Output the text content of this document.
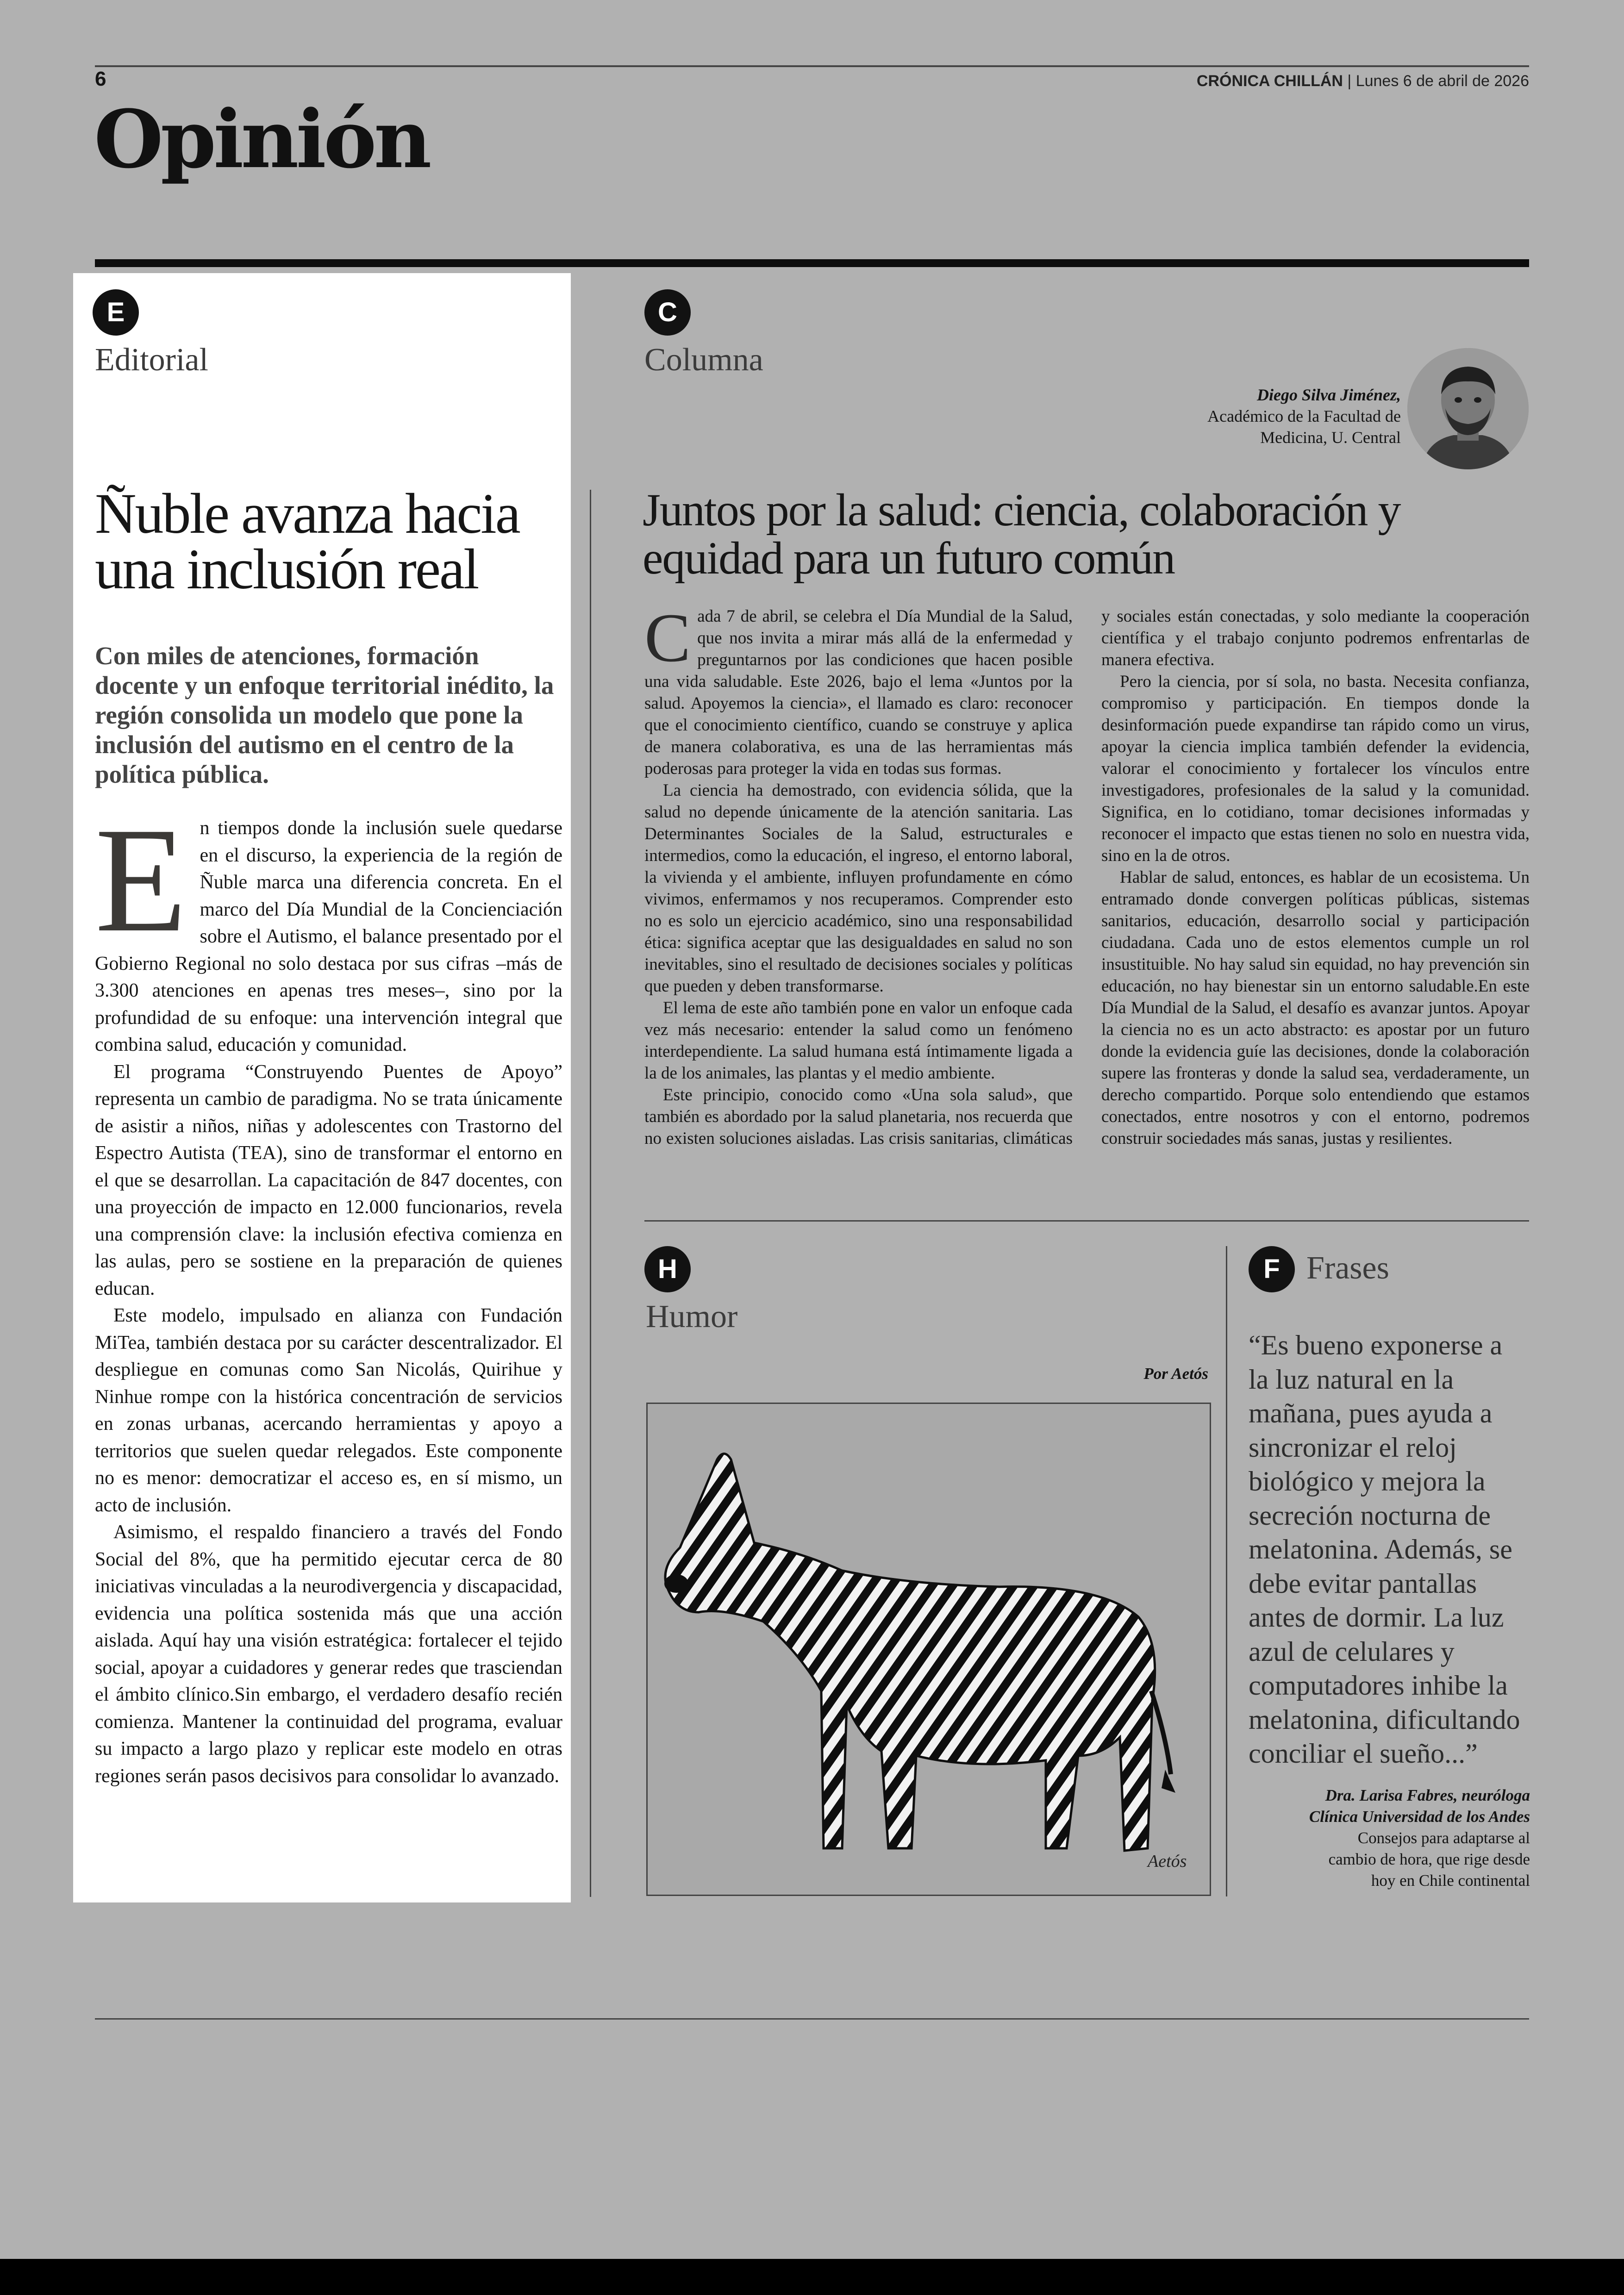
6	CRÓNICA CHILLÁN | Lunes 6 de abril de 2026
Opinión
E
Editorial
Ñuble avanza hacia una inclusión real
Con miles de atenciones, formación docente y un enfoque territorial inédito, la región consolida un modelo que pone la inclusión del autismo en el centro de la política pública.

En tiempos donde la inclusión suele quedarse en el discurso, la experiencia de la región de Ñuble marca una diferencia concreta. En el marco del Día Mundial de la Concienciación sobre el Autismo, el balance presentado por el Gobierno Regional no solo destaca por sus cifras –más de 3.300 atenciones en apenas tres meses–, sino por la profundidad de su enfoque: una intervención integral que combina salud, educación y comunidad.

El programa “Construyendo Puentes de Apoyo” representa un cambio de paradigma. No se trata únicamente de asistir a niños, niñas y adolescentes con Trastorno del Espectro Autista (TEA), sino de transformar el entorno en el que se desarrollan. La capacitación de 847 docentes, con una proyección de impacto en 12.000 funcionarios, revela una comprensión clave: la inclusión efectiva comienza en las aulas, pero se sostiene en la preparación de quienes educan.

Este modelo, impulsado en alianza con Fundación MiTea, también destaca por su carácter descentralizador. El despliegue en comunas como San Nicolás, Quirihue y Ninhue rompe con la histórica concentración de servicios en zonas urbanas, acercando herramientas y apoyo a territorios que suelen quedar relegados. Este componente no es menor: democratizar el acceso es, en sí mismo, un acto de inclusión.

Asimismo, el respaldo financiero a través del Fondo Social del 8%, que ha permitido ejecutar cerca de 80 iniciativas vinculadas a la neurodivergencia y discapacidad, evidencia una política sostenida más que una acción aislada. Aquí hay una visión estratégica: fortalecer el tejido social, apoyar a cuidadores y generar redes que trasciendan el ámbito clínico.Sin embargo, el verdadero desafío recién comienza. Mantener la continuidad del programa, evaluar su impacto a largo plazo y replicar este modelo en otras regiones serán pasos decisivos para consolidar lo avanzado.

C
Columna
Diego Silva Jiménez,
Académico de la Facultad de
Medicina, U. Central
Juntos por la salud: ciencia, colaboración y equidad para un futuro común

Cada 7 de abril, se celebra el Día Mundial de la Salud, que nos invita a mirar más allá de la enfermedad y preguntarnos por las condiciones que hacen posible una vida saludable. Este 2026, bajo el lema «Juntos por la salud. Apoyemos la ciencia», el llamado es claro: reconocer que el conocimiento científico, cuando se construye y aplica de manera colaborativa, es una de las herramientas más poderosas para proteger la vida en todas sus formas.

La ciencia ha demostrado, con evidencia sólida, que la salud no depende únicamente de la atención sanitaria. Las Determinantes Sociales de la Salud, estructurales e intermedios, como la educación, el ingreso, el entorno laboral, la vivienda y el ambiente, influyen profundamente en cómo vivimos, enfermamos y nos recuperamos. Comprender esto no es solo un ejercicio académico, sino una responsabilidad ética: significa aceptar que las desigualdades en salud no son inevitables, sino el resultado de decisiones sociales y políticas que pueden y deben transformarse.

El lema de este año también pone en valor un enfoque cada vez más necesario: entender la salud como un fenómeno interdependiente. La salud humana está íntimamente ligada a la de los animales, las plantas y el medio ambiente.

Este principio, conocido como «Una sola salud», que también es abordado por la salud planetaria, nos recuerda que no existen soluciones aisladas. Las crisis sanitarias, climáticas y sociales están conectadas, y solo mediante la cooperación científica y el trabajo conjunto podremos enfrentarlas de manera efectiva.

Pero la ciencia, por sí sola, no basta. Necesita confianza, compromiso y participación. En tiempos donde la desinformación puede expandirse tan rápido como un virus, apoyar la ciencia implica también defender la evidencia, valorar el conocimiento y fortalecer los vínculos entre investigadores, profesionales de la salud y la comunidad. Significa, en lo cotidiano, tomar decisiones informadas y reconocer el impacto que estas tienen no solo en nuestra vida, sino en la de otros.

Hablar de salud, entonces, es hablar de un ecosistema. Un entramado donde convergen políticas públicas, sistemas sanitarios, educación, desarrollo social y participación ciudadana. Cada uno de estos elementos cumple un rol insustituible. No hay salud sin equidad, no hay prevención sin educación, no hay bienestar sin un entorno saludable.En este Día Mundial de la Salud, el desafío es avanzar juntos. Apoyar la ciencia no es un acto abstracto: es apostar por un futuro donde la evidencia guíe las decisiones, donde la colaboración supere las fronteras y donde la salud sea, verdaderamente, un derecho compartido. Porque solo entendiendo que estamos conectados, entre nosotros y con el entorno, podremos construir sociedades más sanas, justas y resilientes.

H
Humor
Por Aetós
Aetós
F Frases
“Es bueno exponerse a la luz natural en la mañana, pues ayuda a sincronizar el reloj biológico y mejora la secreción nocturna de melatonina. Además, se debe evitar pantallas antes de dormir. La luz azul de celulares y computadores inhibe la melatonina, dificultando conciliar el sueño...”
Dra. Larisa Fabres, neuróloga
Clínica Universidad de los Andes
Consejos para adaptarse al
cambio de hora, que rige desde
hoy en Chile continental
